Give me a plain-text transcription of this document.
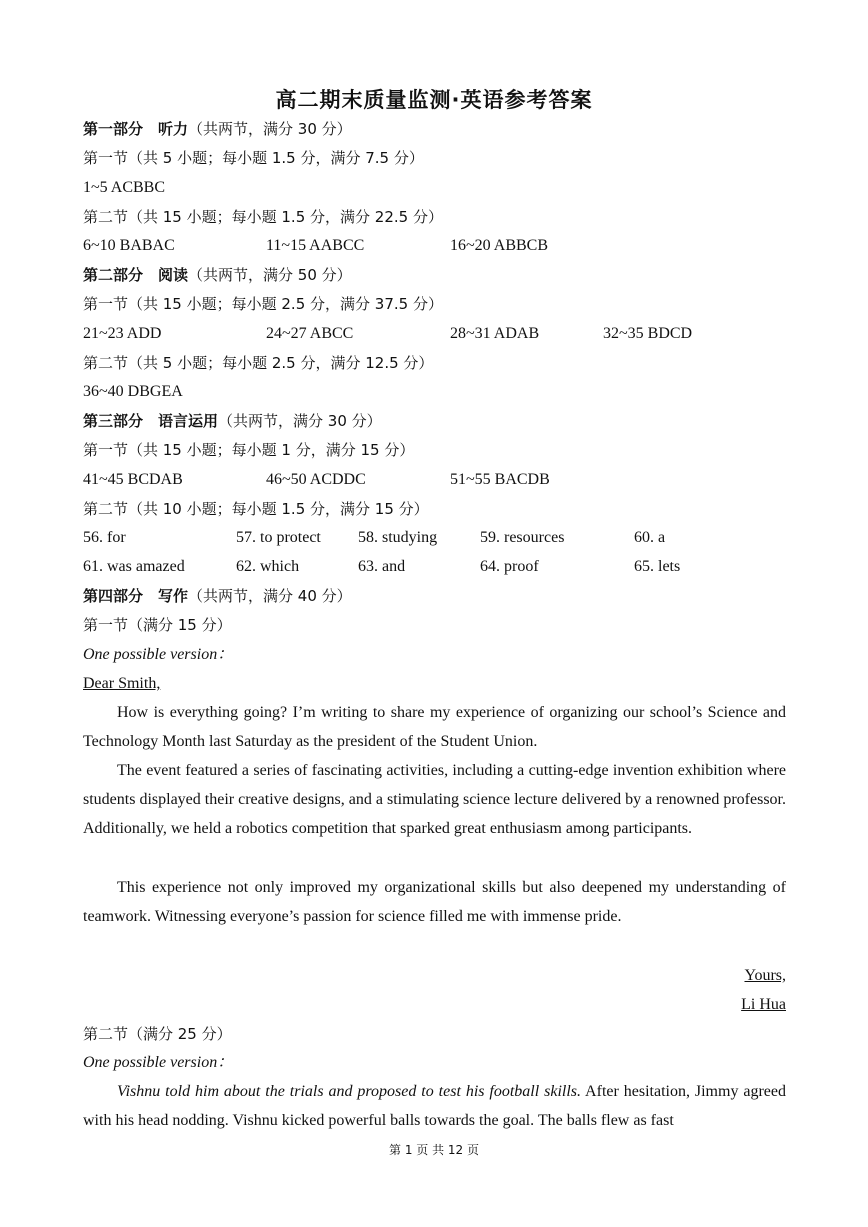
高二期末质量监测·英语参考答案
第一部分　听力（共两节，满分 30 分）
第一节（共 5 小题；每小题 1.5 分，满分 7.5 分）
1~5 ACBBC
第二节（共 15 小题；每小题 1.5 分，满分 22.5 分）
6~10 BABAC	11~15 AABCC	16~20 ABBCB
第二部分　阅读（共两节，满分 50 分）
第一节（共 15 小题；每小题 2.5 分，满分 37.5 分）
21~23 ADD	24~27 ABCC	28~31 ADAB	32~35 BDCD
第二节（共 5 小题；每小题 2.5 分，满分 12.5 分）
36~40 DBGEA
第三部分　语言运用（共两节，满分 30 分）
第一节（共 15 小题；每小题 1 分，满分 15 分）
41~45 BCDAB	46~50 ACDDC	51~55 BACDB
第二节（共 10 小题；每小题 1.5 分，满分 15 分）
56. for	57. to protect 58. studying	59. resources	60. a
61. was amazed	62. which	63. and	64. proof	65. lets
第四部分　写作（共两节，满分 40 分）
第一节（满分 15 分）
One possible version：
Dear Smith,
How is everything going? I’m writing to share my experience of organizing our school’s Science and Technology Month last Saturday as the president of the Student Union.
The event featured a series of fascinating activities, including a cutting-edge invention exhibition where students displayed their creative designs, and a stimulating science lecture delivered by a renowned professor. Additionally, we held a robotics competition that sparked great enthusiasm among participants.
This experience not only improved my organizational skills but also deepened my understanding of teamwork. Witnessing everyone’s passion for science filled me with immense pride.
Yours,
Li Hua
第二节（满分 25 分）
One possible version：
Vishnu told him about the trials and proposed to test his football skills. After hesitation, Jimmy agreed with his head nodding. Vishnu kicked powerful balls towards the goal. The balls flew as fast
第 1 页 共 12 页
